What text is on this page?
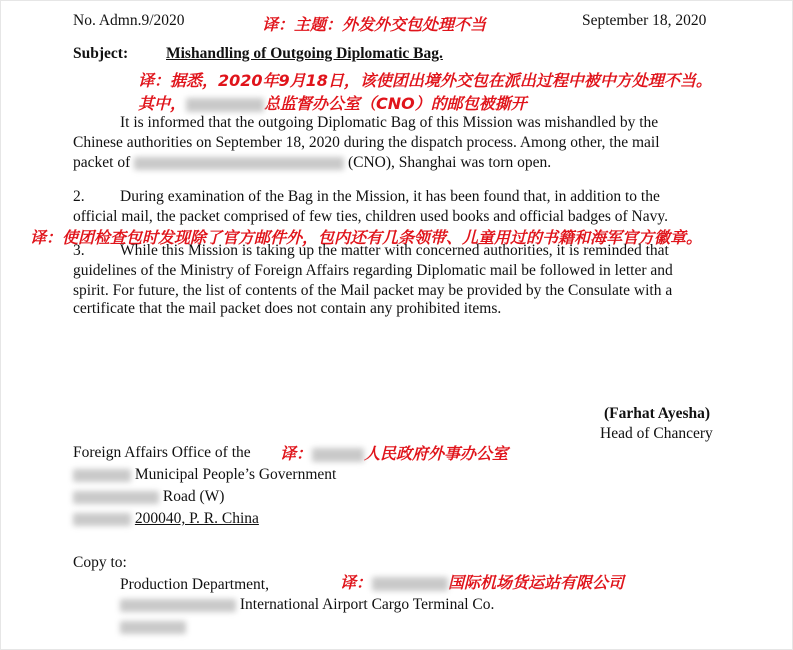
No. Admn.9/2020	译：主题：外发外交包处理不当	September 18, 2020
Subject: Mishandling of Outgoing Diplomatic Bag.
译：据悉，2020年9月18日，该使团出境外交包在派出过程中被中方处理不当。
其中，	总监督办公室（CNO）的邮包被撕开
It is informed that the outgoing Diplomatic Bag of this Mission was mishandled by the
Chinese authorities on September 18, 2020 during the dispatch process. Among other, the mail
packet of	(CNO), Shanghai was torn open.
2. During examination of the Bag in the Mission, it has been found that, in addition to the
official mail, the packet comprised of few ties, children used books and official badges of Navy.
译：使团检查包时发现除了官方邮件外，包内还有几条领带、儿童用过的书籍和海军官方徽章。
3. While this Mission is taking up the matter with concerned authorities, it is reminded that
guidelines of the Ministry of Foreign Affairs regarding Diplomatic mail be followed in letter and
spirit. For future, the list of contents of the Mail packet may be provided by the Consulate with a
certificate that the mail packet does not contain any prohibited items.
(Farhat Ayesha)
Head of Chancery
Foreign Affairs Office of the 译：	人民政府外事办公室
Municipal People’s Government
Road (W)
200040, P. R. China
Copy to:
Production Department,	译：	国际机场货运站有限公司
International Airport Cargo Terminal Co.
